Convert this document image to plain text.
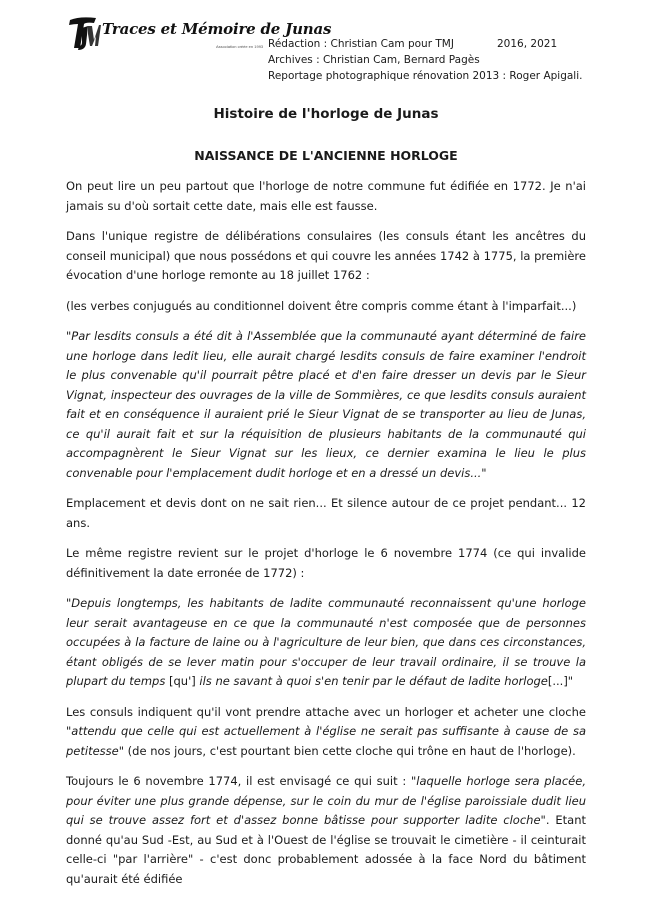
Traces et Mémoire de Junas
Association créée en 1993 Rédaction : Christian Cam pour TMJ	2016, 2021
Archives : Christian Cam, Bernard Pagès
Reportage photographique rénovation 2013 : Roger Apigali.
Histoire de l'horloge de Junas
NAISSANCE DE L'ANCIENNE HORLOGE

On peut lire un peu partout que l'horloge de notre commune fut édifiée en 1772. Je n'ai jamais su d'où sortait cette date, mais elle est fausse.

Dans l'unique registre de délibérations consulaires (les consuls étant les ancêtres du conseil municipal) que nous possédons et qui couvre les années 1742 à 1775, la première évocation d'une horloge remonte au 18 juillet 1762 :

(les verbes conjugués au conditionnel doivent être compris comme étant à l'imparfait...)

"Par lesdits consuls a été dit à l'Assemblée que la communauté ayant déterminé de faire une horloge dans ledit lieu, elle aurait chargé lesdits consuls de faire examiner l'endroit le plus convenable qu'il pourrait pêtre placé et d'en faire dresser un devis par le Sieur Vignat, inspecteur des ouvrages de la ville de Sommières, ce que lesdits consuls auraient fait et en conséquence il auraient prié le Sieur Vignat de se transporter au lieu de Junas, ce qu'il aurait fait et sur la réquisition de plusieurs habitants de la communauté qui accompagnèrent le Sieur Vignat sur les lieux, ce dernier examina le lieu le plus convenable pour l'emplacement dudit horloge et en a dressé un devis..."

Emplacement et devis dont on ne sait rien... Et silence autour de ce projet pendant... 12 ans.

Le même registre revient sur le projet d'horloge le 6 novembre 1774 (ce qui invalide définitivement la date erronée de 1772) :

"Depuis longtemps, les habitants de ladite communauté reconnaissent qu'une horloge leur serait avantageuse en ce que la communauté n'est composée que de personnes occupées à la facture de laine ou à l'agriculture de leur bien, que dans ces circonstances, étant obligés de se lever matin pour s'occuper de leur travail ordinaire, il se trouve la plupart du temps [qu'] ils ne savant à quoi s'en tenir par le défaut de ladite horloge[...]"

Les consuls indiquent qu'il vont prendre attache avec un horloger et acheter une cloche "attendu que celle qui est actuellement à l'église ne serait pas suffisante à cause de sa petitesse" (de nos jours, c'est pourtant bien cette cloche qui trône en haut de l'horloge).

Toujours le 6 novembre 1774, il est envisagé ce qui suit : "laquelle horloge sera placée, pour éviter une plus grande dépense, sur le coin du mur de l'église paroissiale dudit lieu qui se trouve assez fort et d'assez bonne bâtisse pour supporter ladite cloche". Etant donné qu'au Sud -Est, au Sud et à l'Ouest de l'église se trouvait le cimetière - il ceinturait celle-ci "par l'arrière" - c'est donc probablement adossée à la face Nord du bâtiment qu'aurait été édifiée
